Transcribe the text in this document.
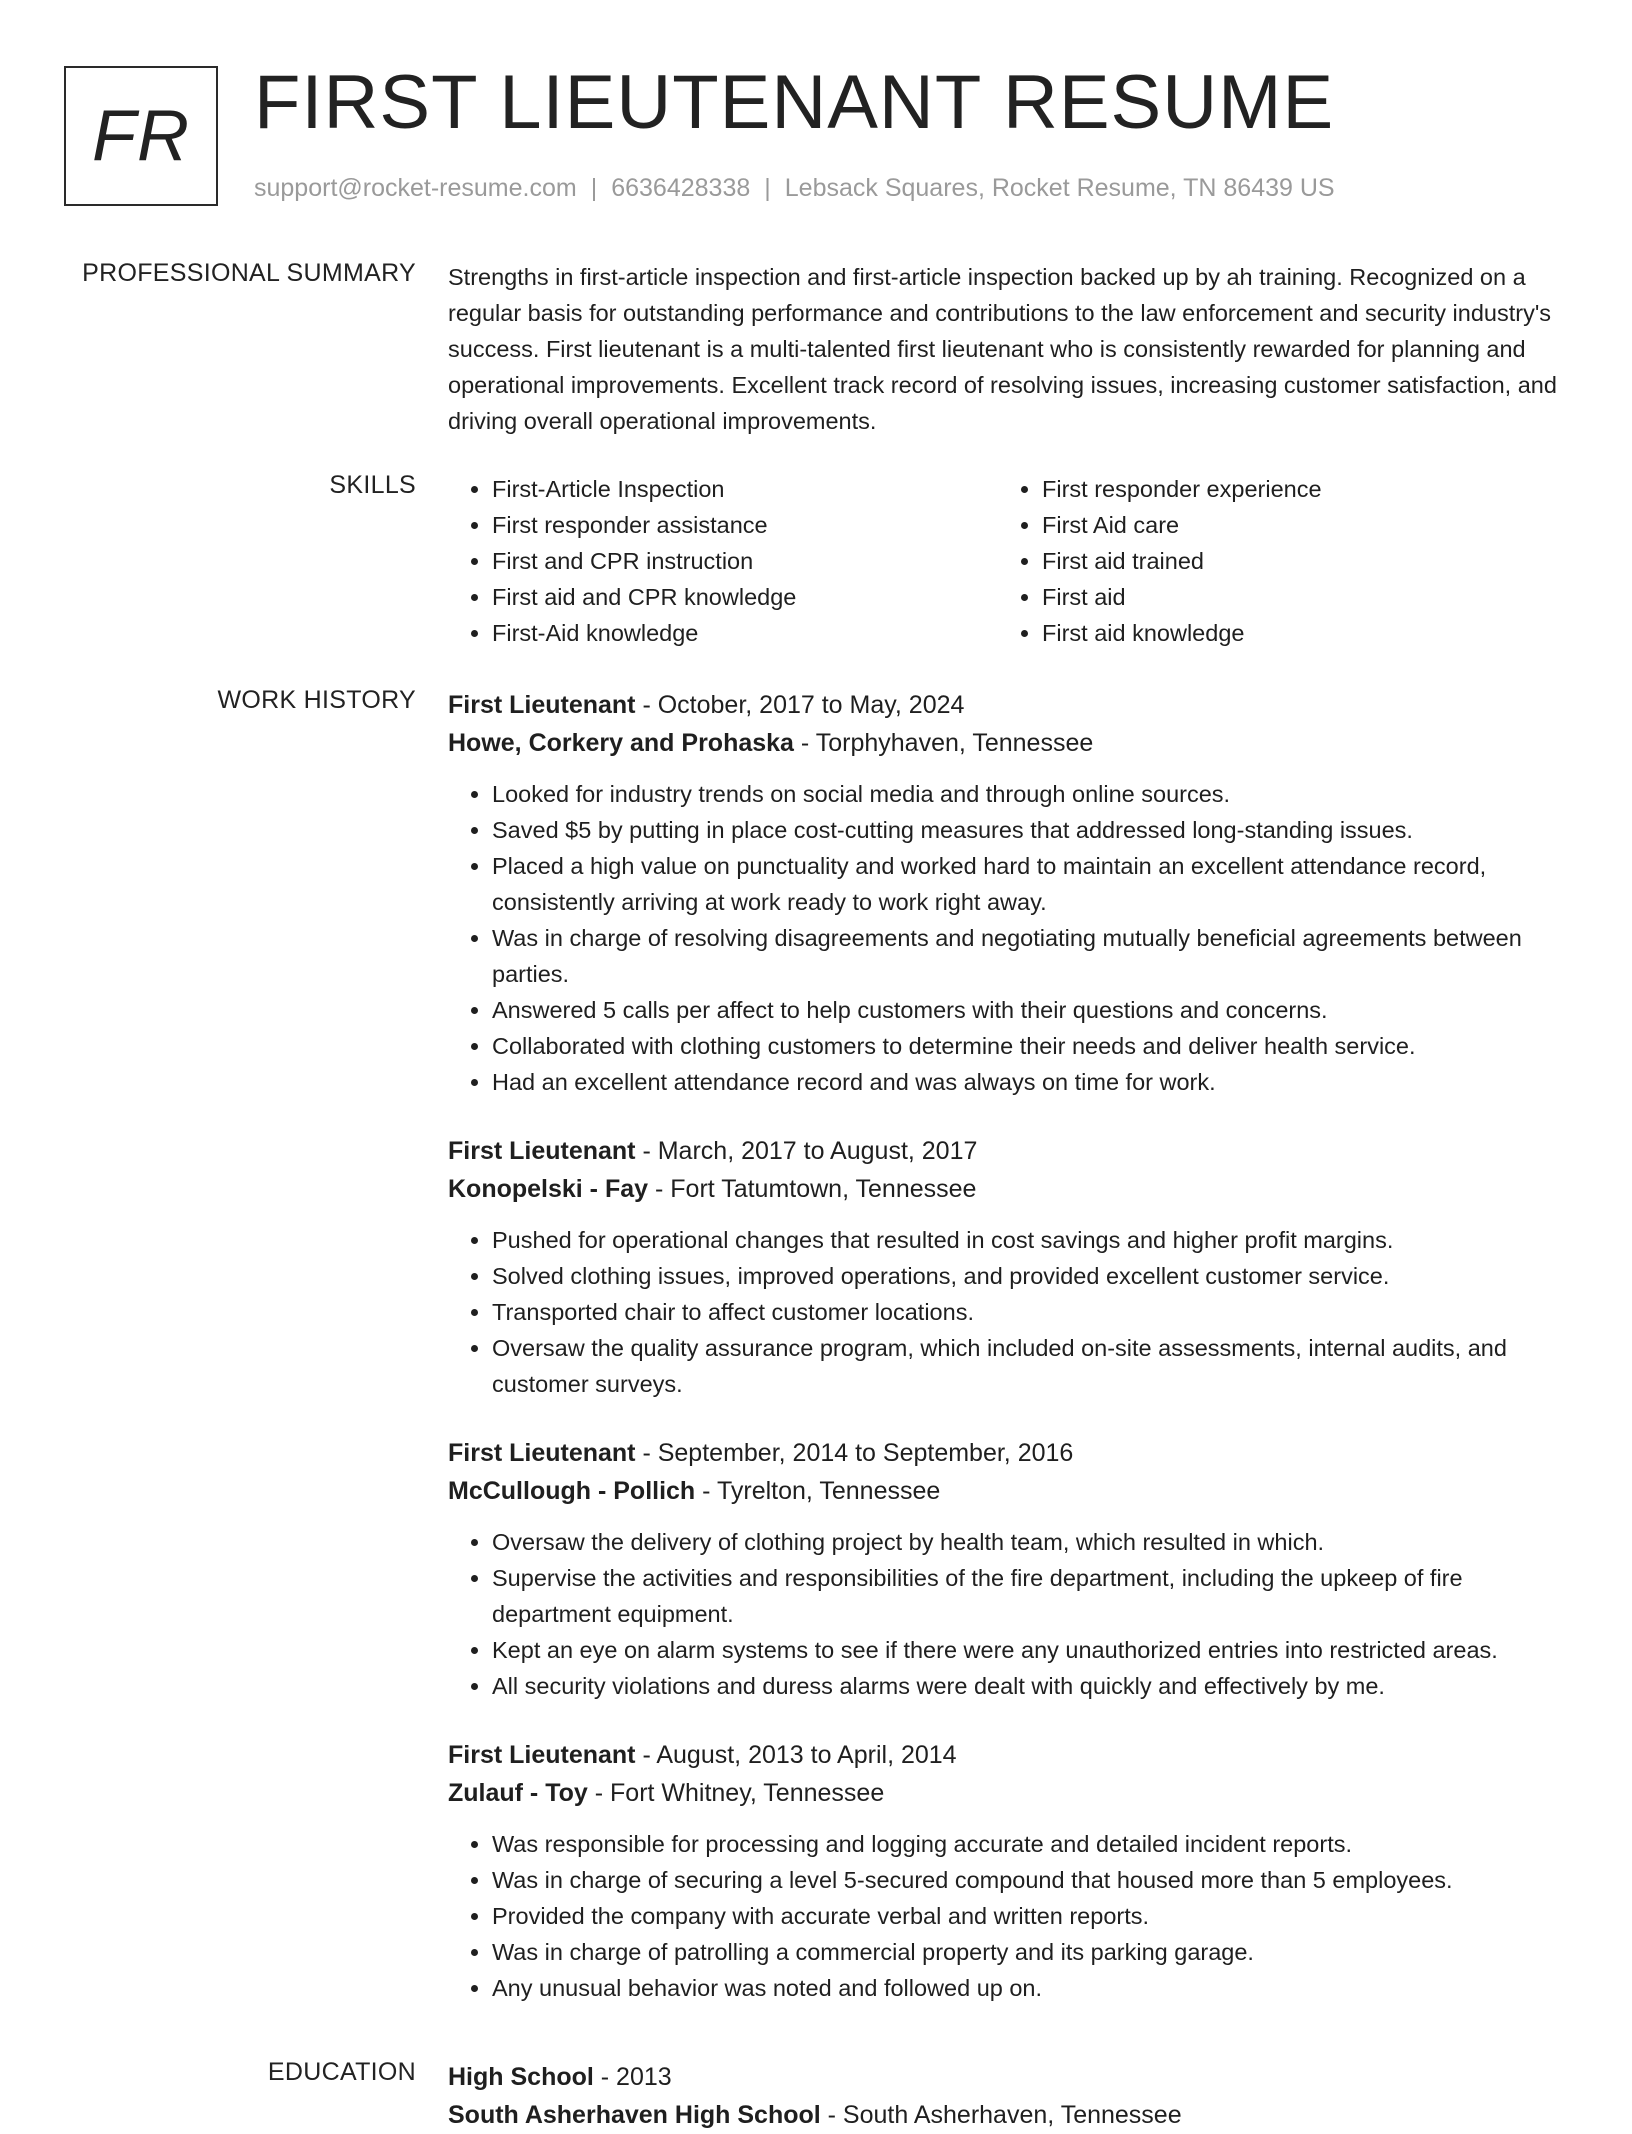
FR FIRST LIEUTENANT RESUME
support@rocket-resume.com | 6636428338 | Lebsack Squares, Rocket Resume, TN 86439 US
PROFESSIONAL SUMMARY Strengths in first-article inspection and first-article inspection backed up by ah training. Recognized on a regular basis for outstanding performance and contributions to the law enforcement and security industry's success. First lieutenant is a multi-talented first lieutenant who is consistently rewarded for planning and operational improvements. Excellent track record of resolving issues, increasing customer satisfaction, and driving overall operational improvements.

SKILLS
•	First-Article Inspection
• First responder assistance
• First and CPR instruction
• First aid and CPR knowledge
• First-Aid knowledge
• First responder experience
• First Aid care
• First aid trained
• First aid
• First aid knowledge
WORK HISTORY First Lieutenant - October, 2017 to May, 2024
Howe, Corkery and Prohaska - Torphyhaven, Tennessee
• Looked for industry trends on social media and through online sources.
• Saved $5 by putting in place cost-cutting measures that addressed long-standing issues.
• Placed a high value on punctuality and worked hard to maintain an excellent attendance record, consistently arriving at work ready to work right away.
• Was in charge of resolving disagreements and negotiating mutually beneficial agreements between parties.
• Answered 5 calls per affect to help customers with their questions and concerns.
• Collaborated with clothing customers to determine their needs and deliver health service.
• Had an excellent attendance record and was always on time for work.
First Lieutenant - March, 2017 to August, 2017
Konopelski - Fay - Fort Tatumtown, Tennessee
• Pushed for operational changes that resulted in cost savings and higher profit margins.
• Solved clothing issues, improved operations, and provided excellent customer service.
• Transported chair to affect customer locations.
• Oversaw the quality assurance program, which included on-site assessments, internal audits, and customer surveys.
First Lieutenant - September, 2014 to September, 2016
McCullough - Pollich - Tyrelton, Tennessee
• Oversaw the delivery of clothing project by health team, which resulted in which.
• Supervise the activities and responsibilities of the fire department, including the upkeep of fire department equipment.
• Kept an eye on alarm systems to see if there were any unauthorized entries into restricted areas.
• All security violations and duress alarms were dealt with quickly and effectively by me.
First Lieutenant - August, 2013 to April, 2014
Zulauf - Toy - Fort Whitney, Tennessee
• Was responsible for processing and logging accurate and detailed incident reports.
• Was in charge of securing a level 5-secured compound that housed more than 5 employees.
• Provided the company with accurate verbal and written reports.
• Was in charge of patrolling a commercial property and its parking garage.
• Any unusual behavior was noted and followed up on.
EDUCATION High School - 2013
South Asherhaven High School - South Asherhaven, Tennessee
